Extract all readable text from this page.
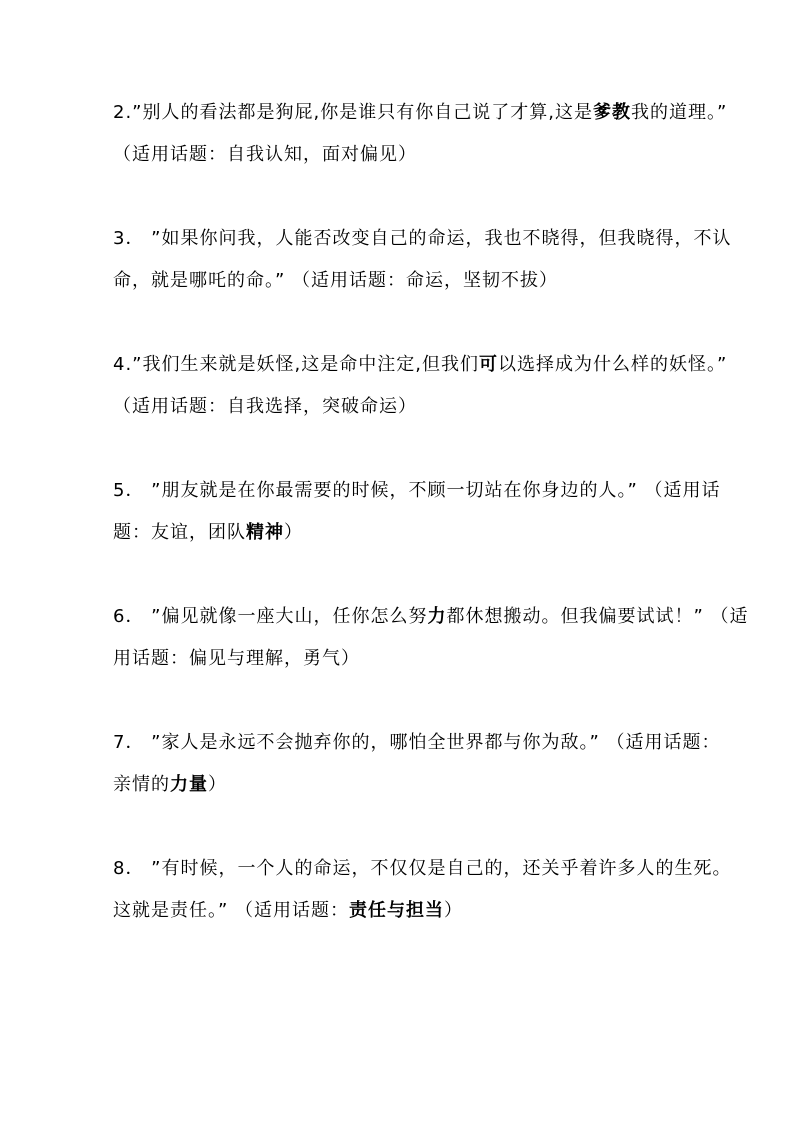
2.”别人的看法都是狗屁,你是谁只有你自己说了才算,这是爹教我的道理。”
（适用话题：自我认知，面对偏见）
3． ”如果你问我，人能否改变自己的命运，我也不晓得，但我晓得，不认
命，就是哪吒的命。” （适用话题：命运，坚韧不拔）
4.”我们生来就是妖怪,这是命中注定,但我们可以选择成为什么样的妖怪。”
（适用话题：自我选择，突破命运）
5． ”朋友就是在你最需要的时候，不顾一切站在你身边的人。” （适用话
题：友谊，团队精神）
6． ”偏见就像一座大山，任你怎么努力都休想搬动。但我偏要试试！” （适
用话题：偏见与理解，勇气）
7． ”家人是永远不会抛弃你的，哪怕全世界都与你为敌。” （适用话题：
亲情的力量）
8． ”有时候，一个人的命运，不仅仅是自己的，还关乎着许多人的生死。
这就是责任。” （适用话题：责任与担当）
